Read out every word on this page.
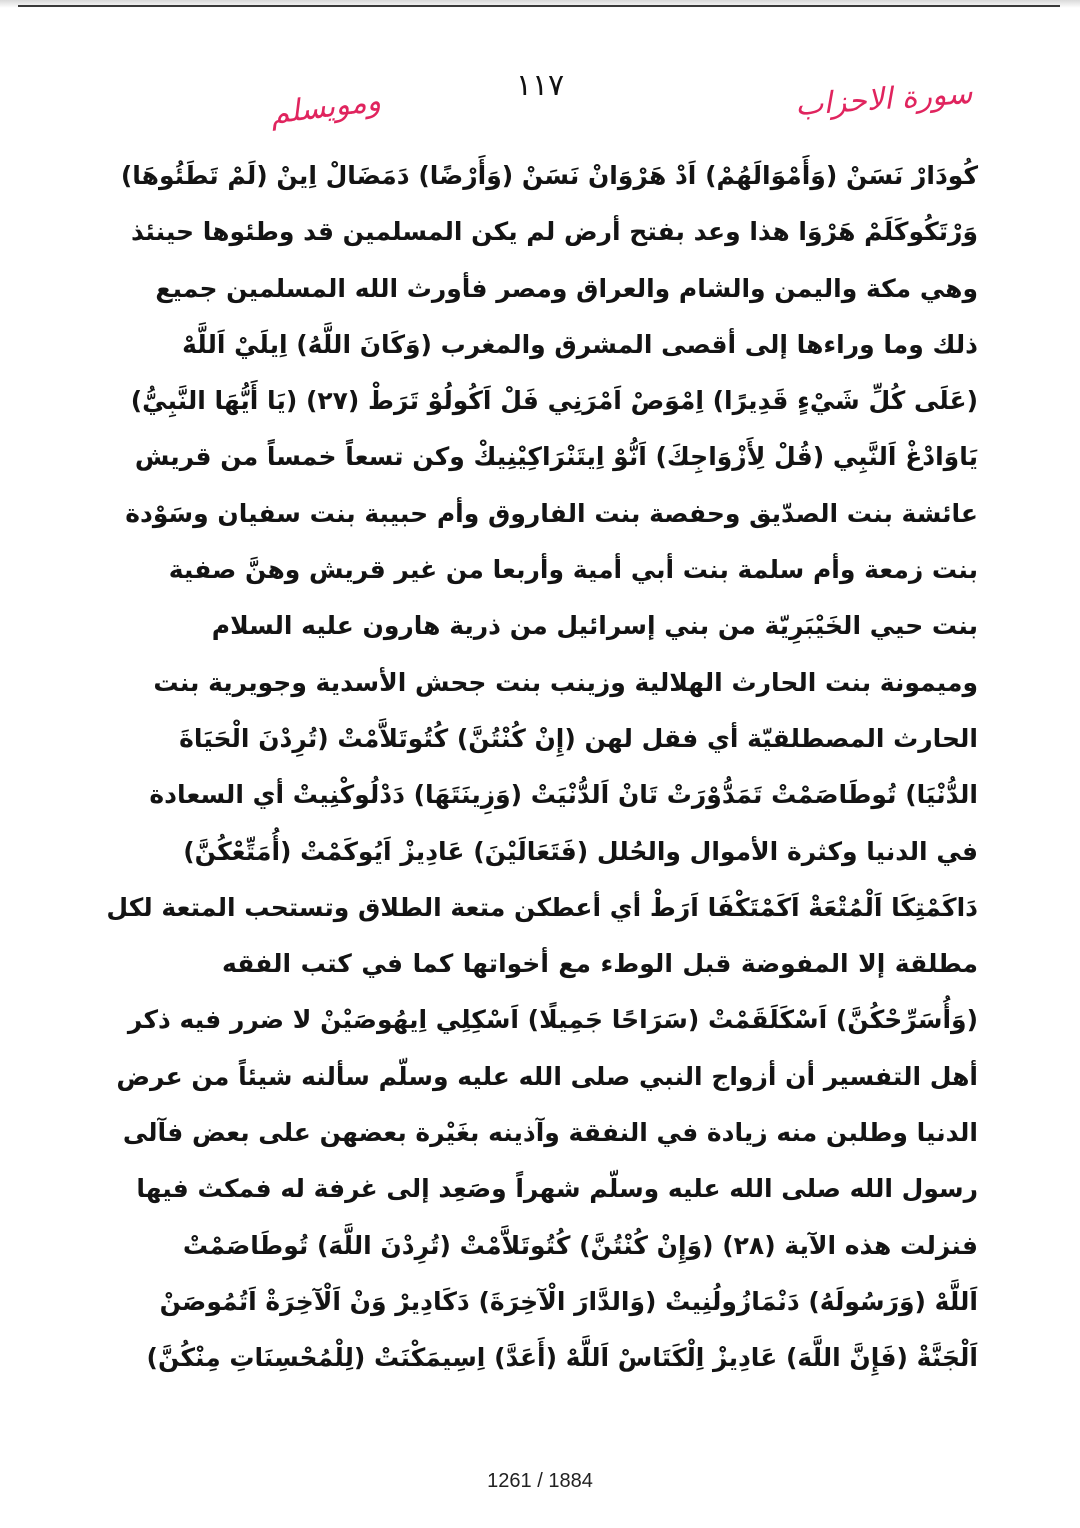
١١٧	سورة الاحزاب
ومويسلم
كُودَارْ نَسَنْ (وَأَمْوَالَهُمْ) اَدْ هَرْوَانْ نَسَنْ (وَأَرْضًا) دَمَضَالْ اِينْ (لَمْ تَطَئُوهَا)
وَرْتَكُوكَلَمْ هَرْوَا هذا وعد بفتح أرض لم يكن المسلمين قد وطئوها حينئذ
وهي مكة واليمن والشام والعراق ومصر فأورث الله المسلمين جميع
ذلك وما وراءها إلى أقصى المشرق والمغرب (وَكَانَ اللَّهُ) اِيلَيْ اَللَّهْ
(عَلَى كُلِّ شَيْءٍ قَدِيرًا) اِمْوَصْ اَمْرَنِي فَلْ اَكُولُوْ تَرَطْ (٢٧) (يَا أَيُّهَا النَّبِيُّ)
يَاوَادْغْ اَلنَّبِي (قُلْ لِأَزْوَاجِكَ) اَنُّوْ اِيتَنْرَاكِيْنِيكْ وكن تسعاً خمساً من قريش
عائشة بنت الصدّيق وحفصة بنت الفاروق وأم حبيبة بنت سفيان وسَوْدة
بنت زمعة وأم سلمة بنت أبي أمية وأربعا من غير قريش وهنَّ صفية
بنت حيي الخَيْبَرِيّة من بني إسرائيل من ذرية هارون عليه السلام
وميمونة بنت الحارث الهلالية وزينب بنت جحش الأسدية وجويرية بنت
الحارث المصطلقيّة أي فقل لهن (إِنْ كُنْتُنَّ) كُتُوتَلاَّمْتْ (تُرِدْنَ الْحَيَاةَ
الدُّنْيَا) تُوطَاصَمْتْ تَمَدُّوْرَتْ تَانْ اَلدُّنْيَتْ (وَزِينَتَهَا) دَدْلُوكْنِيتْ أي السعادة
في الدنيا وكثرة الأموال والحُلل (فَتَعَالَيْنَ) عَادِيزْ اَيُوكَمْتْ (أُمَتِّعْكُنَّ)
دَاكَمْتِكَا اَلْمُتْعَةْ اَكَمْتَكْفَا اَرَطْ أي أعطكن متعة الطلاق وتستحب المتعة لكل
مطلقة إلا المفوضة قبل الوطء مع أخواتها كما في كتب الفقه
(وَأُسَرِّحْكُنَّ) اَسْكَلَقَمْتْ (سَرَاحًا جَمِيلًا) اَسْكِلِي اِيهُوصَيْنْ لا ضرر فيه ذكر
أهل التفسير أن أزواج النبي صلى الله عليه وسلّم سألنه شيئاً من عرض
الدنيا وطلبن منه زيادة في النفقة وآذينه بغَيْرة بعضهن على بعض فآلى
رسول الله صلى الله عليه وسلّم شهراً وصَعِد إلى غرفة له فمكث فيها
فنزلت هذه الآية (٢٨) (وَإِنْ كُنْتُنَّ) كُتُوتَلاَّمْتْ (تُرِدْنَ اللَّهَ) تُوطَاصَمْتْ
اَللَّهْ (وَرَسُولَهُ) دَنْمَازُولُنِيتْ (وَالدَّارَ الْآخِرَةَ) دَكَادِيرْ وَنْ اَلْآخِرَةْ اَتُمُوصَنْ
اَلْجَنَّةْ (فَإِنَّ اللَّهَ) عَادِيزْ اِلْكَتَاسْ اَللَّهْ (أَعَدَّ) اِسِيمَكْنَتْ (لِلْمُحْسِنَاتِ مِنْكُنَّ)
1261 / 1884
